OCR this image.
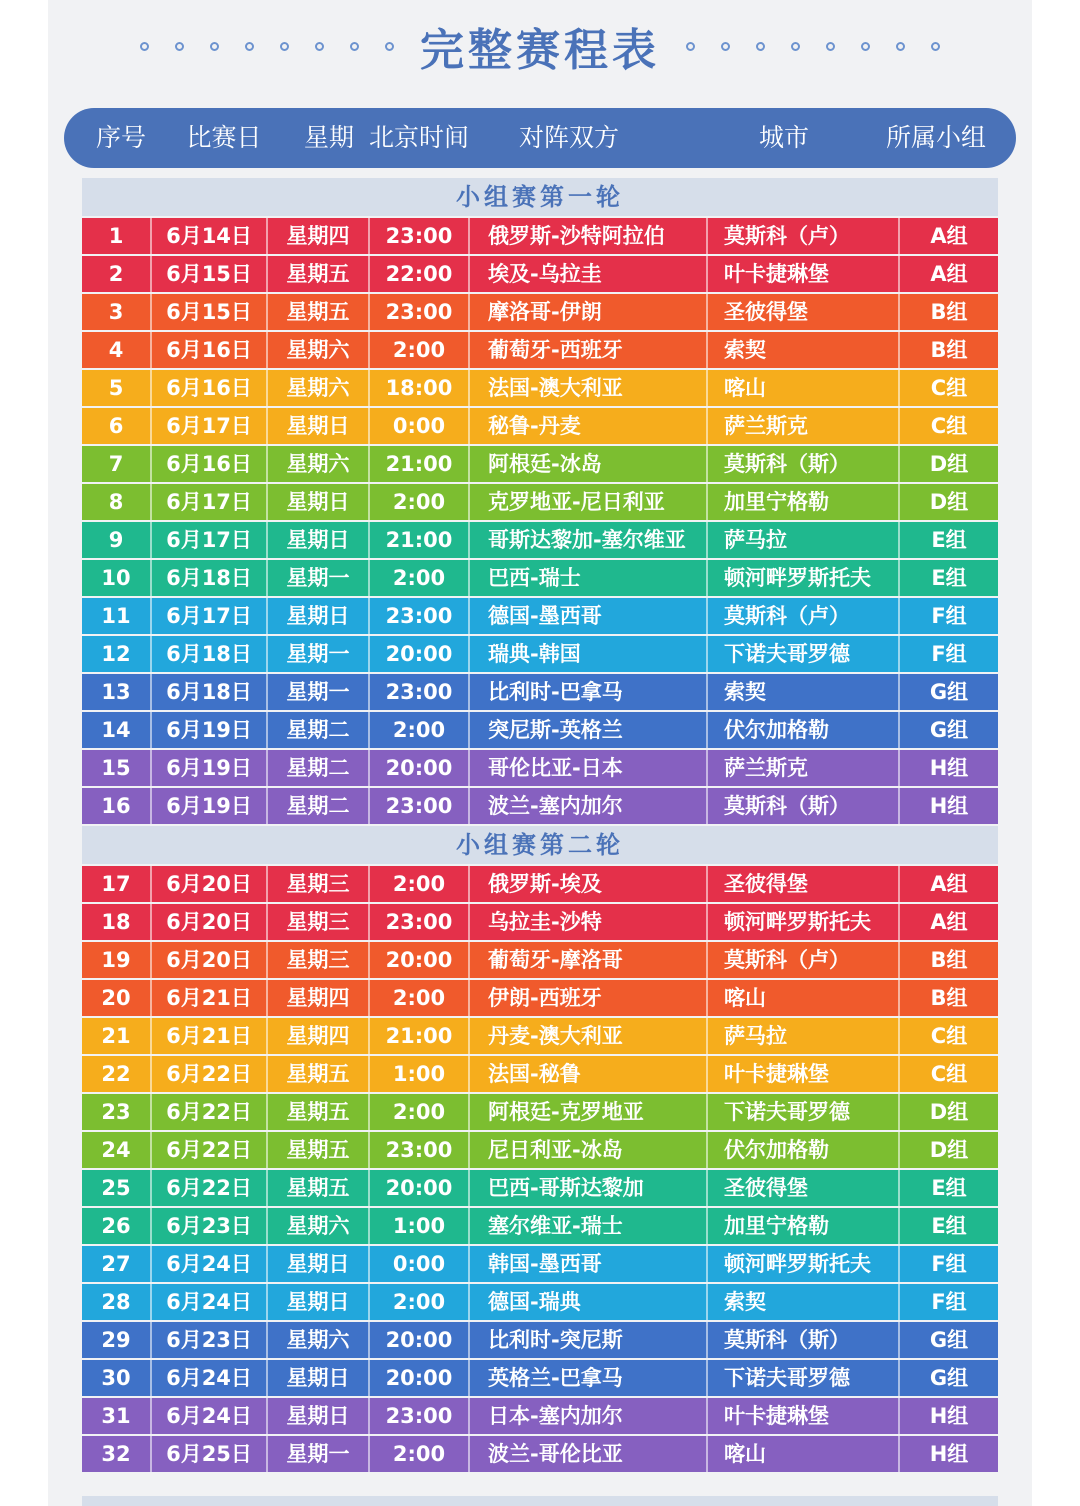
完整赛程表
序号	比赛日	星期 北京时间	对阵双方	城市	所属小组
小组赛第一轮
1	6月14日	星期四	23:00	俄罗斯-沙特阿拉伯	莫斯科（卢）	A组
2	6月15日	星期五	22:00	埃及-乌拉圭	叶卡捷琳堡	A组
3	6月15日	星期五	23:00	摩洛哥-伊朗	圣彼得堡	B组
4	6月16日	星期六	2:00	葡萄牙-西班牙	索契	B组
5	6月16日	星期六	18:00	法国-澳大利亚	喀山	C组
6	6月17日	星期日	0:00	秘鲁-丹麦	萨兰斯克	C组
7	6月16日	星期六	21:00	阿根廷-冰岛	莫斯科（斯）	D组
8	6月17日	星期日	2:00	克罗地亚-尼日利亚	加里宁格勒	D组
9	6月17日	星期日	21:00	哥斯达黎加-塞尔维亚	萨马拉	E组
10	6月18日	星期一	2:00	巴西-瑞士	顿河畔罗斯托夫	E组
11	6月17日	星期日	23:00	德国-墨西哥	莫斯科（卢）	F组
12	6月18日	星期一	20:00	瑞典-韩国	下诺夫哥罗德	F组
13	6月18日	星期一	23:00	比利时-巴拿马	索契	G组
14	6月19日	星期二	2:00	突尼斯-英格兰	伏尔加格勒	G组
15	6月19日	星期二	20:00	哥伦比亚-日本	萨兰斯克	H组
16	6月19日	星期二	23:00	波兰-塞内加尔	莫斯科（斯）	H组
小组赛第二轮
17	6月20日	星期三	2:00	俄罗斯-埃及	圣彼得堡	A组
18	6月20日	星期三	23:00	乌拉圭-沙特	顿河畔罗斯托夫	A组
19	6月20日	星期三	20:00	葡萄牙-摩洛哥	莫斯科（卢）	B组
20	6月21日	星期四	2:00	伊朗-西班牙	喀山	B组
21	6月21日	星期四	21:00	丹麦-澳大利亚	萨马拉	C组
22	6月22日	星期五	1:00	法国-秘鲁	叶卡捷琳堡	C组
23	6月22日	星期五	2:00	阿根廷-克罗地亚	下诺夫哥罗德	D组
24	6月22日	星期五	23:00	尼日利亚-冰岛	伏尔加格勒	D组
25	6月22日	星期五	20:00	巴西-哥斯达黎加	圣彼得堡	E组
26	6月23日	星期六	1:00	塞尔维亚-瑞士	加里宁格勒	E组
27	6月24日	星期日	0:00	韩国-墨西哥	顿河畔罗斯托夫	F组
28	6月24日	星期日	2:00	德国-瑞典	索契	F组
29	6月23日	星期六	20:00	比利时-突尼斯	莫斯科（斯）	G组
30	6月24日	星期日	20:00	英格兰-巴拿马	下诺夫哥罗德	G组
31	6月24日	星期日	23:00	日本-塞内加尔	叶卡捷琳堡	H组
32	6月25日	星期一	2:00	波兰-哥伦比亚	喀山	H组
